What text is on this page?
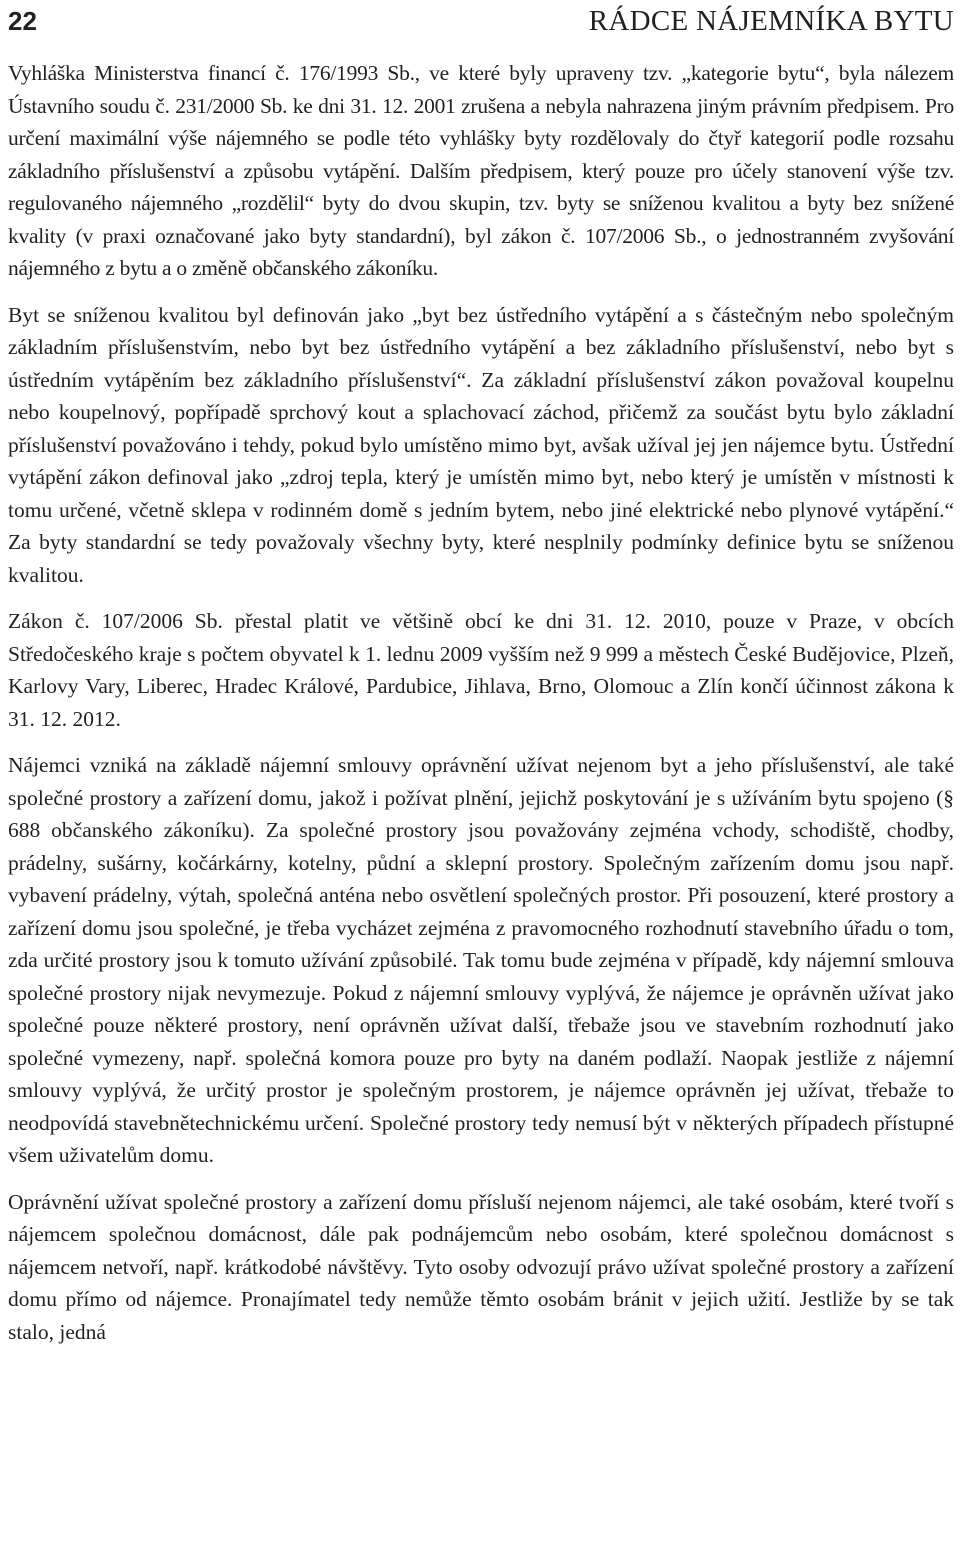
22	RÁDCE NÁJEMNÍKA BYTU

Vyhláška Ministerstva financí č. 176/1993 Sb., ve které byly upraveny tzv. „kategorie bytu“, byla nálezem Ústavního soudu č. 231/2000 Sb. ke dni 31. 12. 2001 zrušena a nebyla nahrazena jiným právním předpisem. Pro určení maximální výše nájemného se podle této vyhlášky byty rozdělovaly do čtyř kategorií podle rozsahu základního příslušenství a způsobu vytápění. Dalším předpisem, který pouze pro účely stanovení výše tzv. regulovaného nájemného „rozdělil“ byty do dvou skupin, tzv. byty se sníženou kvalitou a byty bez snížené kvality (v praxi označované jako byty standardní), byl zákon č. 107/2006 Sb., o jednostranném zvyšování nájemného z bytu a o změně občanského zákoníku.

Byt se sníženou kvalitou byl definován jako „byt bez ústředního vytápění a s částečným nebo společným základním příslušenstvím, nebo byt bez ústředního vytápění a bez základního příslušenství, nebo byt s ústředním vytápěním bez základního příslušenství“. Za základní příslušenství zákon považoval koupelnu nebo koupelnový, popřípadě sprchový kout a splachovací záchod, přičemž za součást bytu bylo základní příslušenství považováno i tehdy, pokud bylo umístěno mimo byt, avšak užíval jej jen nájemce bytu. Ústřední vytápění zákon definoval jako „zdroj tepla, který je umístěn mimo byt, nebo který je umístěn v místnosti k tomu určené, včetně sklepa v rodinném domě s jedním bytem, nebo jiné elektrické nebo plynové vytápění.“ Za byty standardní se tedy považovaly všechny byty, které nesplnily podmínky definice bytu se sníženou kvalitou.

Zákon č. 107/2006 Sb. přestal platit ve většině obcí ke dni 31. 12. 2010, pouze v Praze, v obcích Středočeského kraje s počtem obyvatel k 1. lednu 2009 vyšším než 9 999 a městech České Budějovice, Plzeň, Karlovy Vary, Liberec, Hradec Králové, Pardubice, Jihlava, Brno, Olomouc a Zlín končí účinnost zákona k 31. 12. 2012.

Nájemci vzniká na základě nájemní smlouvy oprávnění užívat nejenom byt a jeho příslušenství, ale také společné prostory a zařízení domu, jakož i požívat plnění, jejichž poskytování je s užíváním bytu spojeno (§ 688 občanského zákoníku). Za společné prostory jsou považovány zejména vchody, schodiště, chodby, prádelny, sušárny, kočárkárny, kotelny, půdní a sklepní prostory. Společným zařízením domu jsou např. vybavení prádelny, výtah, společná anténa nebo osvětlení společných prostor. Při posouzení, které prostory a zařízení domu jsou společné, je třeba vycházet zejména z pravomocného rozhodnutí stavebního úřadu o tom, zda určité prostory jsou k tomuto užívání způsobilé. Tak tomu bude zejména v případě, kdy nájemní smlouva společné prostory nijak nevymezuje. Pokud z nájemní smlouvy vyplývá, že nájemce je oprávněn užívat jako společné pouze některé prostory, není oprávněn užívat další, třebaže jsou ve stavebním rozhodnutí jako společné vymezeny, např. společná komora pouze pro byty na daném podlaží. Naopak jestliže z nájemní smlouvy vyplývá, že určitý prostor je společným prostorem, je nájemce oprávněn jej užívat, třebaže to neodpovídá stavebnětechnickému určení. Společné prostory tedy nemusí být v některých případech přístupné všem uživatelům domu.

Oprávnění užívat společné prostory a zařízení domu přísluší nejenom nájemci, ale také osobám, které tvoří s nájemcem společnou domácnost, dále pak podnájemcům nebo osobám, které společnou domácnost s nájemcem netvoří, např. krátkodobé návštěvy. Tyto osoby odvozují právo užívat společné prostory a zařízení domu přímo od nájemce. Pronajímatel tedy nemůže těmto osobám bránit v jejich užití. Jestliže by se tak stalo, jedná
